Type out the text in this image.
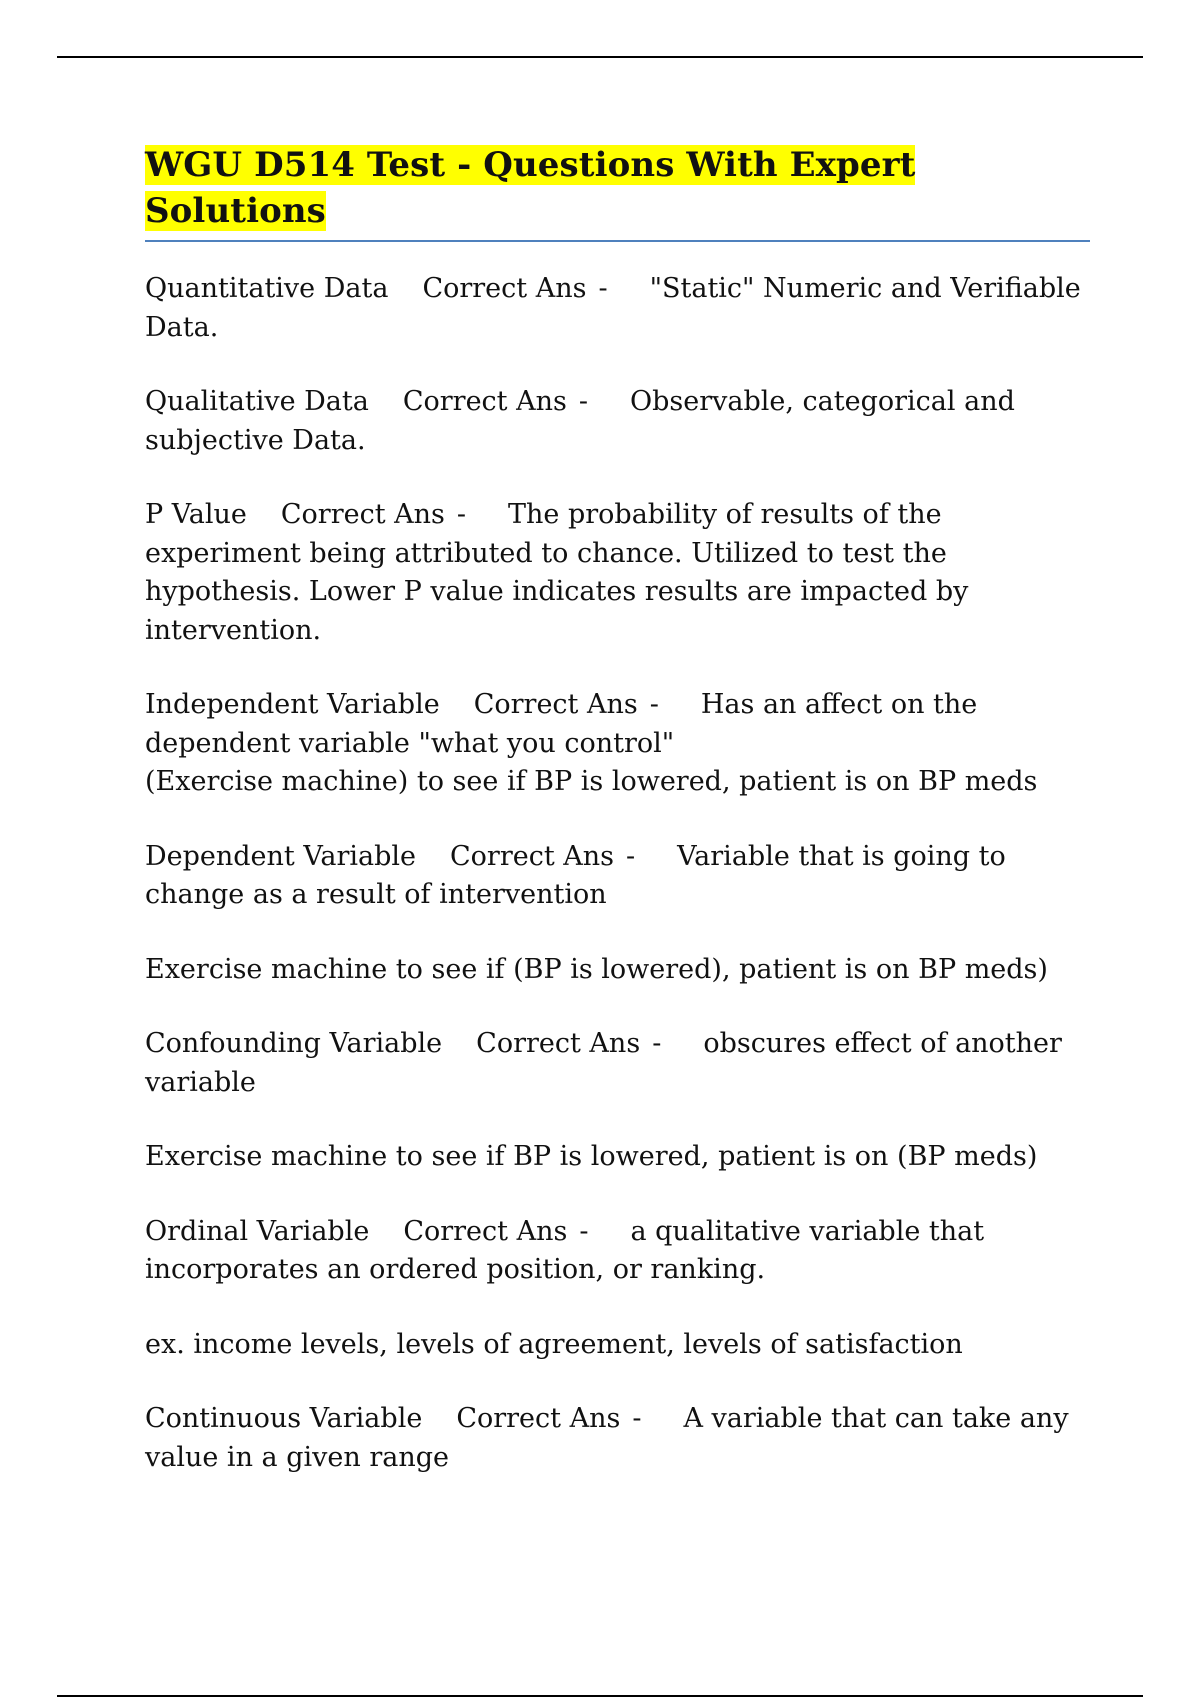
WGU D514 Test - Questions With Expert Solutions

Quantitative Data Correct Ans - "Static" Numeric and Verifiable Data.

Qualitative Data Correct Ans - Observable, categorical and subjective Data.

P Value Correct Ans - The probability of results of the experiment being attributed to chance. Utilized to test the hypothesis. Lower P value indicates results are impacted by intervention.

Independent Variable Correct Ans - Has an affect on the dependent variable "what you control"
(Exercise machine) to see if BP is lowered, patient is on BP meds

Dependent Variable Correct Ans - Variable that is going to change as a result of intervention

Exercise machine to see if (BP is lowered), patient is on BP meds)

Confounding Variable Correct Ans - obscures effect of another variable

Exercise machine to see if BP is lowered, patient is on (BP meds)

Ordinal Variable Correct Ans - a qualitative variable that incorporates an ordered position, or ranking.

ex. income levels, levels of agreement, levels of satisfaction

Continuous Variable Correct Ans - A variable that can take any value in a given range
